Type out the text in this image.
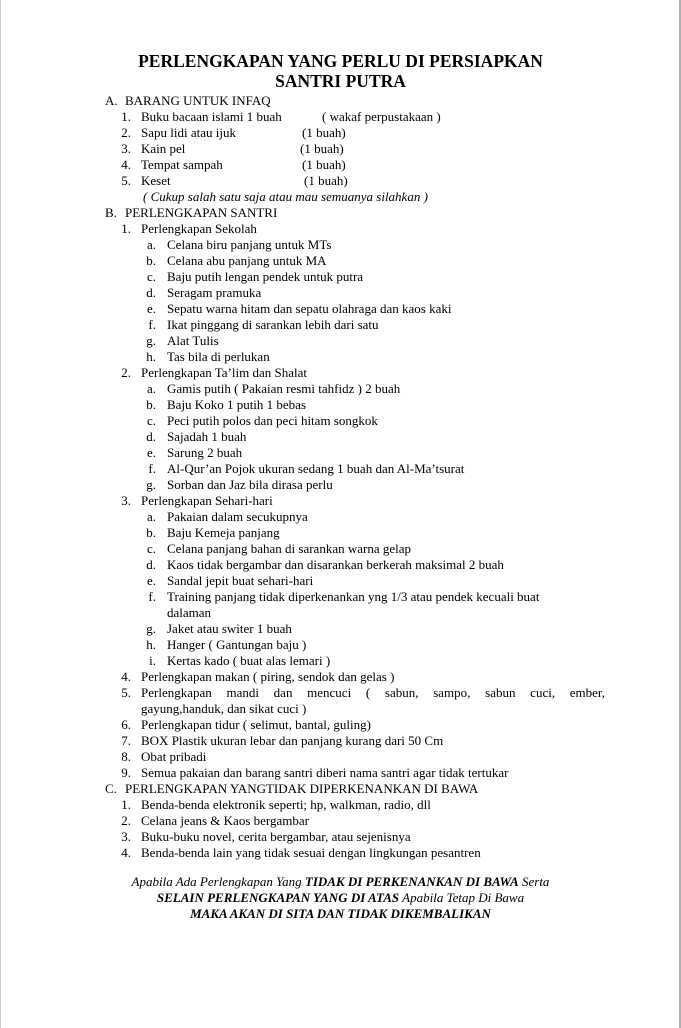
PERLENGKAPAN YANG PERLU DI PERSIAPKAN
SANTRI PUTRA
A. BARANG UNTUK INFAQ
1. Buku bacaan islami 1 buah	( wakaf perpustakaan )
2. Sapu lidi atau ijuk	(1 buah)
3. Kain pel	(1 buah)
4. Tempat sampah	(1 buah)
5. Keset	(1 buah)
( Cukup salah satu saja atau mau semuanya silahkan )
B. PERLENGKAPAN SANTRI
1. Perlengkapan Sekolah
a. Celana biru panjang untuk MTs
b. Celana abu panjang untuk MA
c. Baju putih lengan pendek untuk putra
d. Seragam pramuka
e. Sepatu warna hitam dan sepatu olahraga dan kaos kaki
f. Ikat pinggang di sarankan lebih dari satu
g. Alat Tulis
h. Tas bila di perlukan
2. Perlengkapan Ta’lim dan Shalat
a. Gamis putih ( Pakaian resmi tahfidz ) 2 buah
b. Baju Koko 1 putih 1 bebas
c. Peci putih polos dan peci hitam songkok
d. Sajadah 1 buah
e. Sarung 2 buah
f. Al-Qur’an Pojok ukuran sedang 1 buah dan Al-Ma’tsurat
g. Sorban dan Jaz bila dirasa perlu
3. Perlengkapan Sehari-hari
a. Pakaian dalam secukupnya
b. Baju Kemeja panjang
c. Celana panjang bahan di sarankan warna gelap
d. Kaos tidak bergambar dan disarankan berkerah maksimal 2 buah
e. Sandal jepit buat sehari-hari
f. Training panjang tidak diperkenankan yng 1/3 atau pendek kecuali buat
dalaman
g. Jaket atau switer 1 buah
h. Hanger ( Gantungan baju )
i. Kertas kado ( buat alas lemari )
4. Perlengkapan makan ( piring, sendok dan gelas )
5. Perlengkapan mandi dan mencuci ( sabun, sampo, sabun cuci, ember,
gayung,handuk, dan sikat cuci )
6. Perlengkapan tidur ( selimut, bantal, guling)
7. BOX Plastik ukuran lebar dan panjang kurang dari 50 Cm
8. Obat pribadi
9. Semua pakaian dan barang santri diberi nama santri agar tidak tertukar
C. PERLENGKAPAN YANGTIDAK DIPERKENANKAN DI BAWA
1. Benda-benda elektronik seperti; hp, walkman, radio, dll
2. Celana jeans & Kaos bergambar
3. Buku-buku novel, cerita bergambar, atau sejenisnya
4. Benda-benda lain yang tidak sesuai dengan lingkungan pesantren
Apabila Ada Perlengkapan Yang TIDAK DI PERKENANKAN DI BAWA Serta
SELAIN PERLENGKAPAN YANG DI ATAS Apabila Tetap Di Bawa
MAKA AKAN DI SITA DAN TIDAK DIKEMBALIKAN
